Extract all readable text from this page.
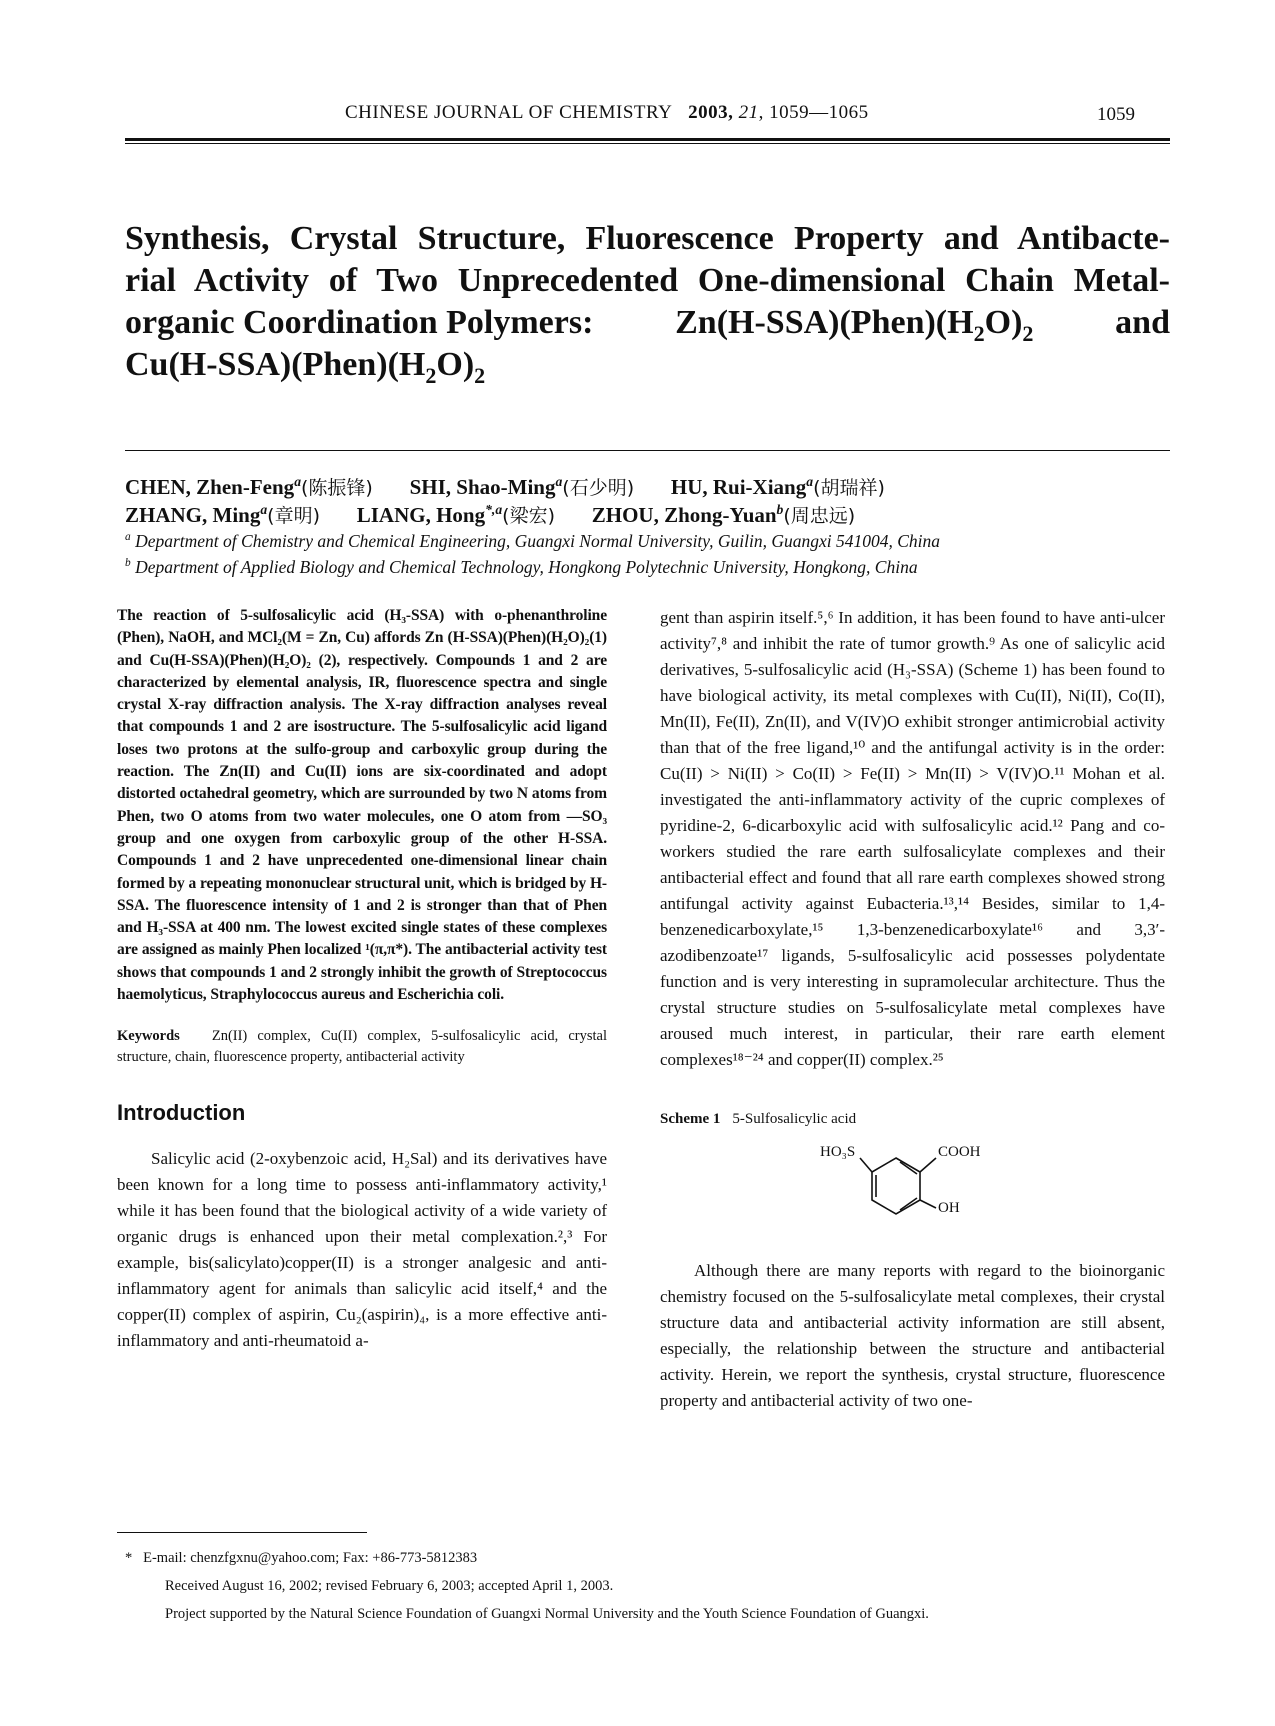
CHINESE JOURNAL OF CHEMISTRY 2003, 21, 1059—1065	1059
Synthesis, Crystal Structure, Fluorescence Property and Antibacte-
rial Activity of Two Unprecedented One-dimensional Chain Metal-
organic Coordination Polymers: $Zn(H-SSA)(Phen)(H_2O)_2$ and
$Cu(H-SSA)(Phen)(H_2O)_2$
CHEN, Zhen-Feng$^a$(陈振锋) SHI, Shao-Ming$^a$(石少明) HU, Rui-Xiang$^a$(胡瑞祥)
ZHANG, Ming$^a$(章明) LIANG, Hong$^{*,a}$(梁宏) ZHOU, Zhong-Yuan$^b$(周忠远)
$^a$ Department of Chemistry and Chemical Engineering, Guangxi Normal University, Guilin, Guangxi 541004, China
$^b$ Department of Applied Biology and Chemical Technology, Hongkong Polytechnic University, Hongkong, China
The reaction of 5-sulfosalicylic acid (H₃-SSA) with o-phenanthroline (Phen), NaOH, and MCl₂(M = Zn, Cu) affords Zn (H-SSA)(Phen)(H₂O)₂(1) and Cu(H-SSA)(Phen)(H₂O)₂ (2), respectively. Compounds 1 and 2 are characterized by elemental analysis, IR, fluorescence spectra and single crystal X-ray diffraction analysis. The X-ray diffraction analyses reveal that compounds 1 and 2 are isostructure. The 5-sulfosalicylic acid ligand loses two protons at the sulfo-group and carboxylic group during the reaction. The Zn(II) and Cu(II) ions are six-coordinated and adopt distorted octahedral geometry, which are surrounded by two N atoms from Phen, two O atoms from two water molecules, one O atom from —SO₃ group and one oxygen from carboxylic group of the other H-SSA. Compounds 1 and 2 have unprecedented one-dimensional linear chain formed by a repeating mononuclear structural unit, which is bridged by H-SSA. The fluorescence intensity of 1 and 2 is stronger than that of Phen and H₃-SSA at 400 nm. The lowest excited single states of these complexes are assigned as mainly Phen localized ¹(π,π*). The antibacterial activity test shows that compounds 1 and 2 strongly inhibit the growth of Streptococcus haemolyticus, Straphylococcus aureus and Escherichia coli.
Keywords Zn(II) complex, Cu(II) complex, 5-sulfosalicylic acid, crystal structure, chain, fluorescence property, antibacterial activity
Introduction
Salicylic acid (2-oxybenzoic acid, H₂Sal) and its derivatives have been known for a long time to possess anti-inflammatory activity,¹ while it has been found that the biological activity of a wide variety of organic drugs is enhanced upon their metal complexation.²,³ For example, bis(salicylato)copper(II) is a stronger analgesic and anti-inflammatory agent for animals than salicylic acid itself,⁴ and the copper(II) complex of aspirin, Cu₂(aspirin)₄, is a more effective anti-inflammatory and anti-rheumatoid a-
gent than aspirin itself.⁵,⁶ In addition, it has been found to have anti-ulcer activity⁷,⁸ and inhibit the rate of tumor growth.⁹ As one of salicylic acid derivatives, 5-sulfosalicylic acid (H₃-SSA) (Scheme 1) has been found to have biological activity, its metal complexes with Cu(II), Ni(II), Co(II), Mn(II), Fe(II), Zn(II), and V(IV)O exhibit stronger antimicrobial activity than that of the free ligand,¹⁰ and the antifungal activity is in the order: Cu(II) > Ni(II) > Co(II) > Fe(II) > Mn(II) > V(IV)O.¹¹ Mohan et al. investigated the anti-inflammatory activity of the cupric complexes of pyridine-2, 6-dicarboxylic acid with sulfosalicylic acid.¹² Pang and co-workers studied the rare earth sulfosalicylate complexes and their antibacterial effect and found that all rare earth complexes showed strong antifungal activity against Eubacteria.¹³,¹⁴ Besides, similar to 1,4-benzenedicarboxylate,¹⁵ 1,3-benzenedicarboxylate¹⁶ and 3,3′-azodibenzoate¹⁷ ligands, 5-sulfosalicylic acid possesses polydentate function and is very interesting in supramolecular architecture. Thus the crystal structure studies on 5-sulfosalicylate metal complexes have aroused much interest, in particular, their rare earth element complexes¹⁸⁻²⁴ and copper(II) complex.²⁵
Scheme 1 5-Sulfosalicylic acid
HO₃S	COOH
OH
Although there are many reports with regard to the bioinorganic chemistry focused on the 5-sulfosalicylate metal complexes, their crystal structure data and antibacterial activity information are still absent, especially, the relationship between the structure and antibacterial activity. Herein, we report the synthesis, crystal structure, fluorescence property and antibacterial activity of two one-
* E-mail: chenzfgxnu@yahoo.com; Fax: +86-773-5812383
Received August 16, 2002; revised February 6, 2003; accepted April 1, 2003.
Project supported by the Natural Science Foundation of Guangxi Normal University and the Youth Science Foundation of Guangxi.
